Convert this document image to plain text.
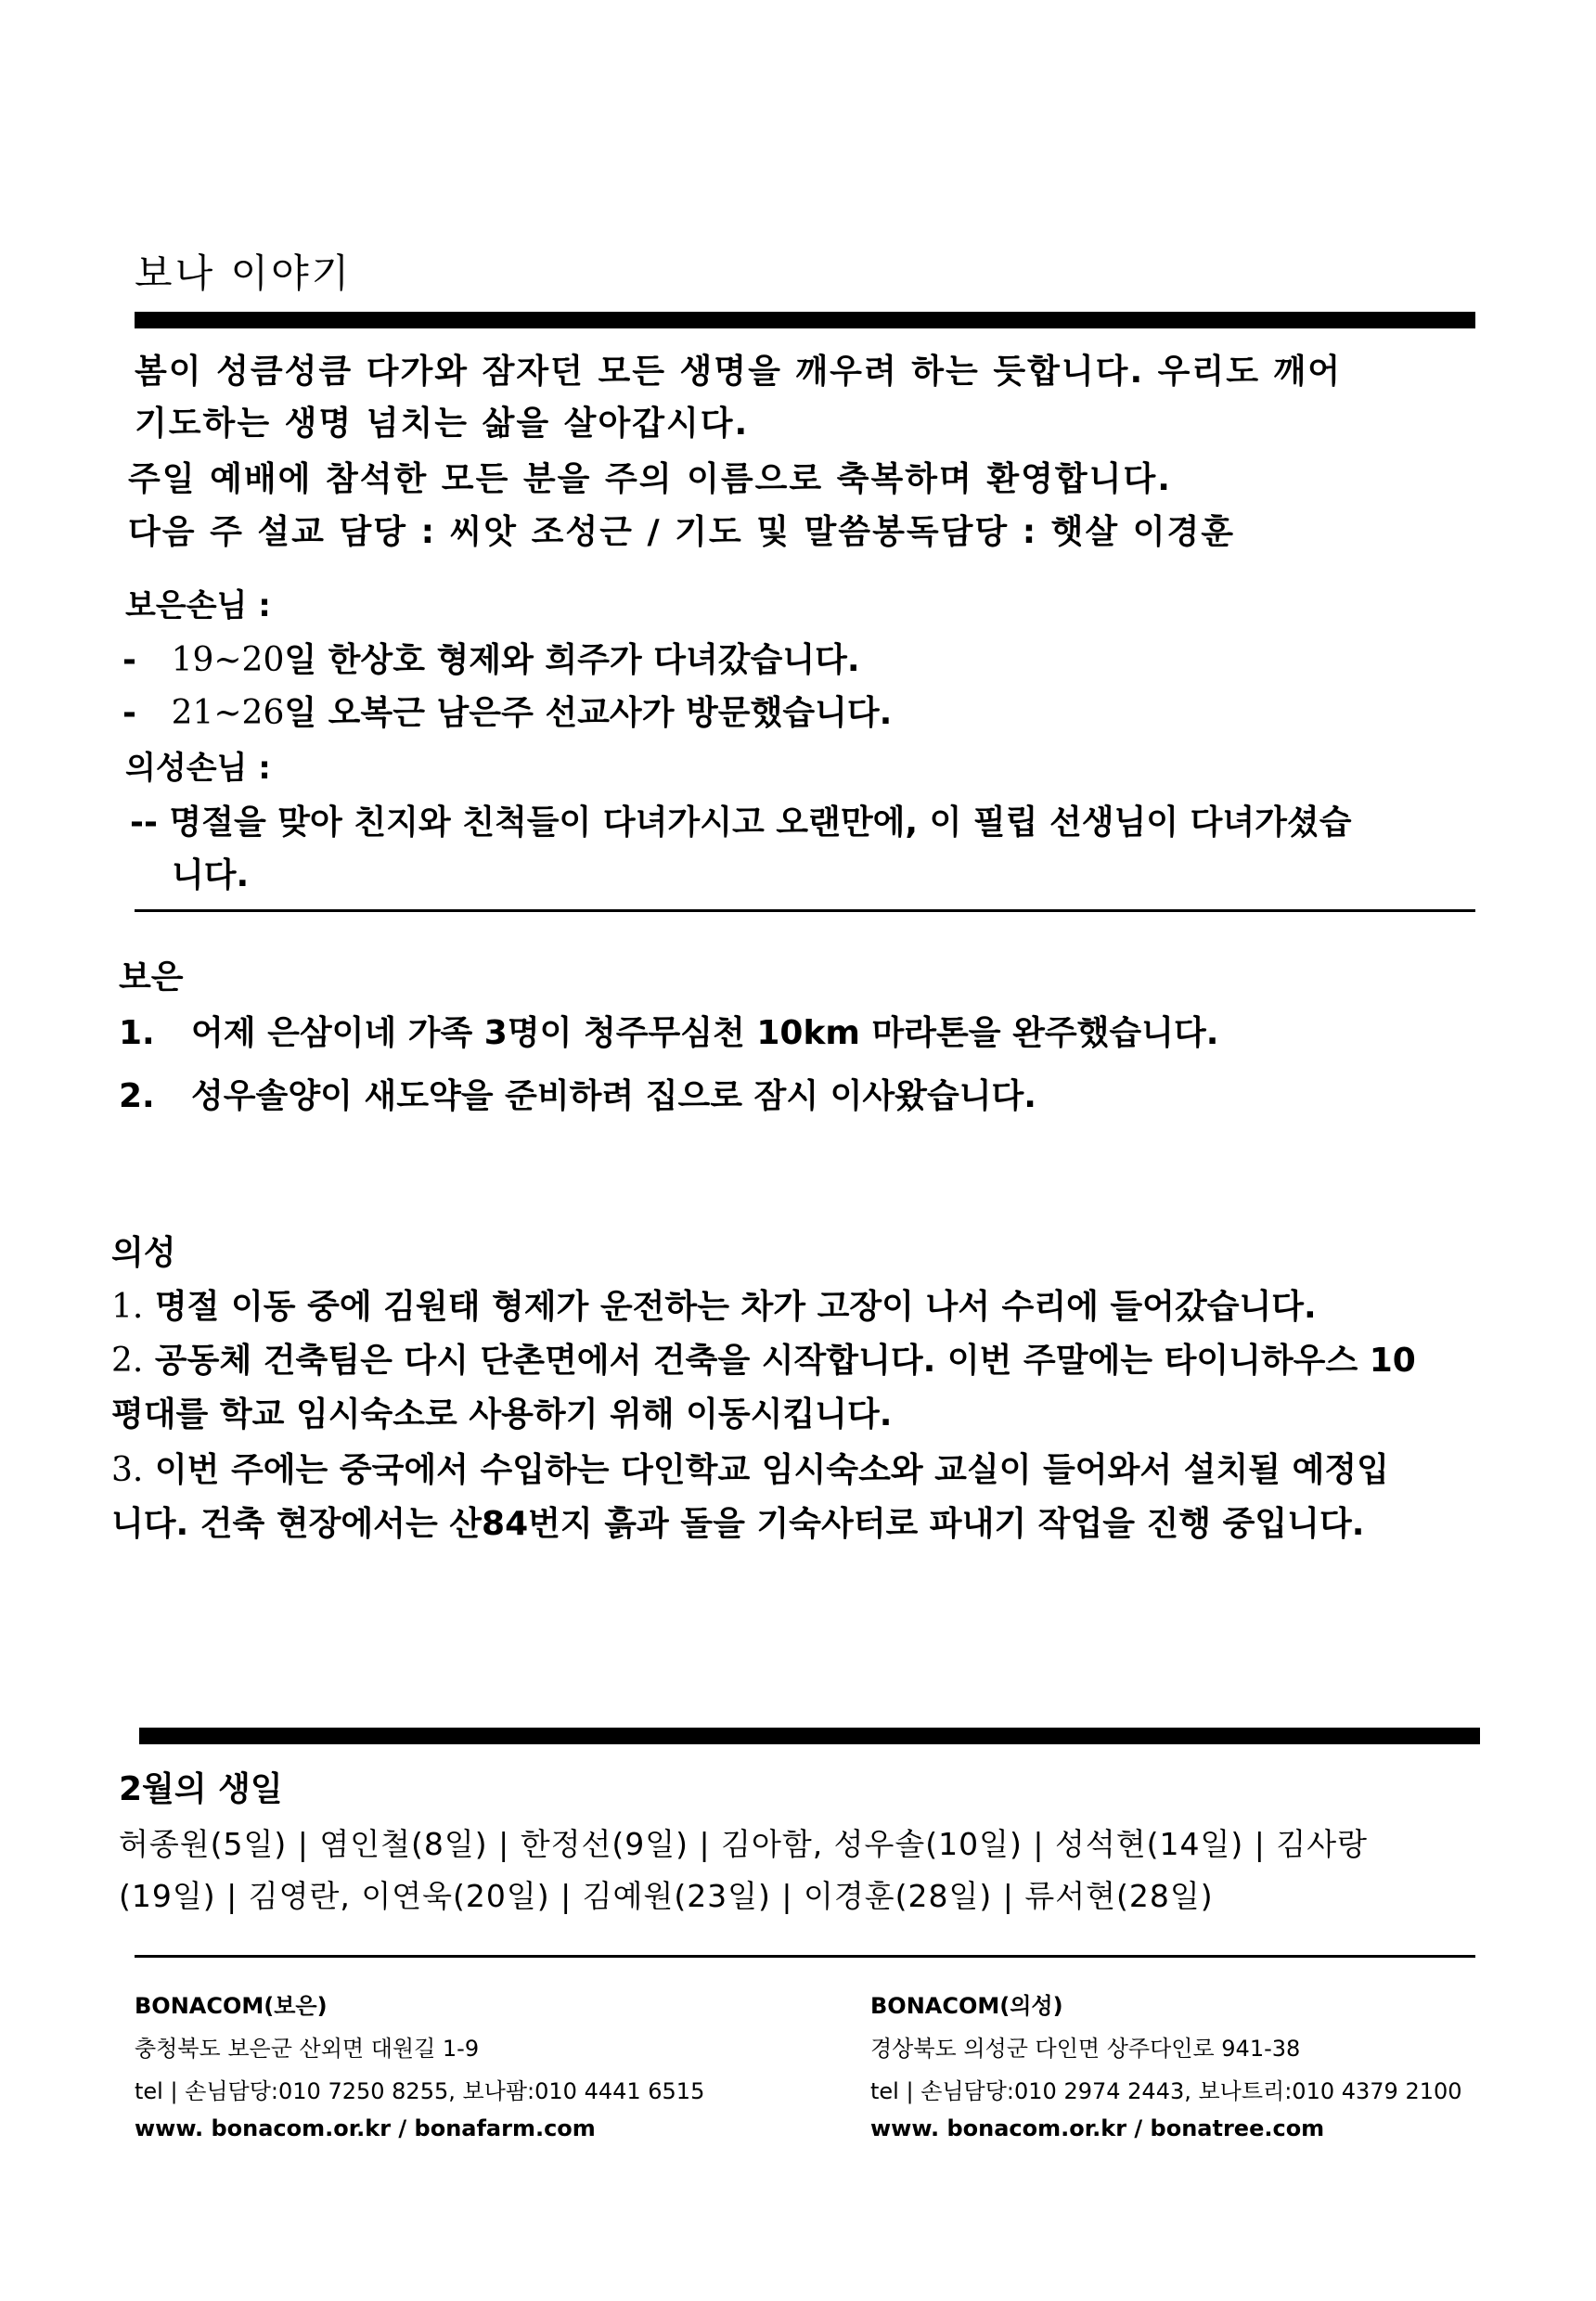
보나 이야기
봄이 성큼성큼 다가와 잠자던 모든 생명을 깨우려 하는 듯합니다. 우리도 깨어
기도하는 생명 넘치는 삶을 살아갑시다.
주일 예배에 참석한 모든 분을 주의 이름으로 축복하며 환영합니다.
다음 주 설교 담당 : 씨앗 조성근 / 기도 및 말씀봉독담당 : 햇살 이경훈
보은손님 :
- 19~20일 한상호 형제와 희주가 다녀갔습니다.
- 21~26일 오복근 남은주 선교사가 방문했습니다.
의성손님 :
-- 명절을 맞아 친지와 친척들이 다녀가시고 오랜만에, 이 필립 선생님이 다녀가셨습
니다.
보은
1. 어제 은삼이네 가족 3명이 청주무심천 10km 마라톤을 완주했습니다.
2. 성우솔양이 새도약을 준비하려 집으로 잠시 이사왔습니다.
의성
1. 명절 이동 중에 김원태 형제가 운전하는 차가 고장이 나서 수리에 들어갔습니다.
2. 공동체 건축팀은 다시 단촌면에서 건축을 시작합니다. 이번 주말에는 타이니하우스 10
평대를 학교 임시숙소로 사용하기 위해 이동시킵니다.
3. 이번 주에는 중국에서 수입하는 다인학교 임시숙소와 교실이 들어와서 설치될 예정입
니다. 건축 현장에서는 산84번지 흙과 돌을 기숙사터로 파내기 작업을 진행 중입니다.
2월의 생일
허종원(5일) | 염인철(8일) | 한정선(9일) | 김아함, 성우솔(10일) | 성석현(14일) | 김사랑
(19일) | 김영란, 이연욱(20일) | 김예원(23일) | 이경훈(28일) | 류서현(28일)
BONACOM(보은)
충청북도 보은군 산외면 대원길 1-9
tel | 손님담당:010 7250 8255, 보나팜:010 4441 6515
www. bonacom.or.kr / bonafarm.com
BONACOM(의성)
경상북도 의성군 다인면 상주다인로 941-38
tel | 손님담당:010 2974 2443, 보나트리:010 4379 2100
www. bonacom.or.kr / bonatree.com
